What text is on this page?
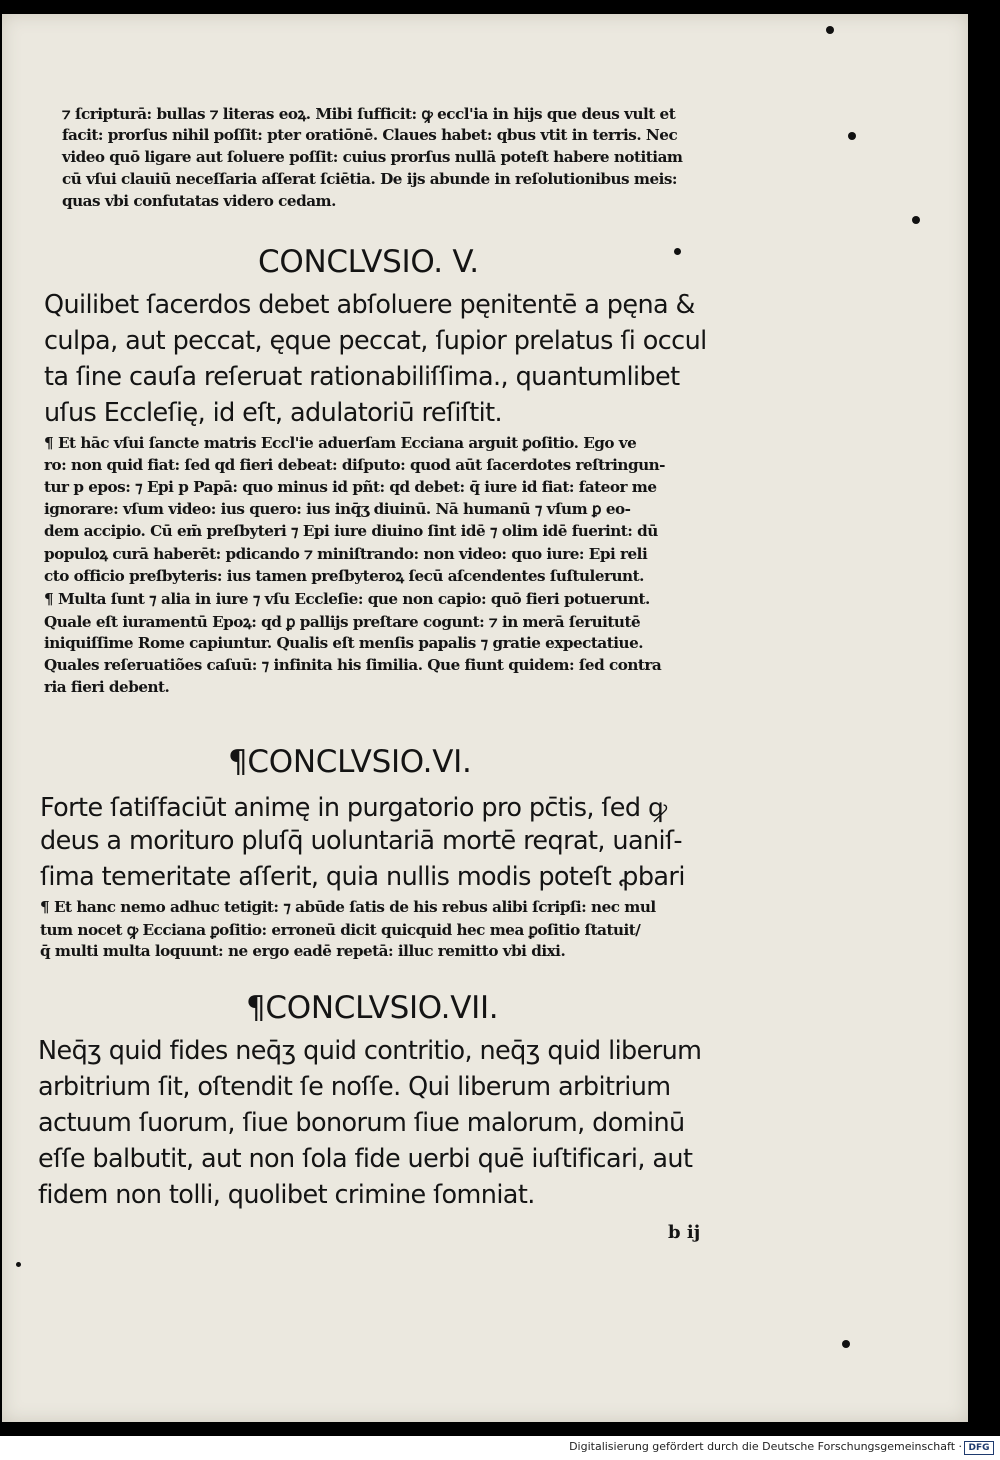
⁊ ſcripturā: bullas ⁊ literas eoꝝ. Mibi ſufficit: ꝙ eccl'ia in hijs que deus vult et
facit: prorſus nihil poſſit: pter oratiōnē. Claues habet: qbus vtit in terris. Nec
video quō ligare aut ſoluere poſſit: cuius prorſus nullā poteſt habere notitiam
cū vſui clauiū neceſſaria aſſerat ſciētia. De ijs abunde in reſolutionibus meis:
quas vbi confutatas videro cedam.
CONCLVSIO. V.
Quilibet ſacerdos debet abſoluere pęnitentē a pęna &
culpa, aut peccat, ęque peccat, ſupior prelatus ſi occul
ta ſine cauſa reſeruat rationabiliſſima., quantumlibet
uſus Eccleſię, id eſt, adulatoriū reſiſtit.
¶ Et hāc vſui ſancte matris Eccl'ie aduerſam Ecciana arguit ꝑoſitio. Ego ve
ro: non quid fiat: ſed qd fieri debeat: diſputo: quod aūt ſacerdotes reſtringun-
tur p epos: ⁊ Epi p Papā: quo minus id pñt: qd debet: q̄ iure id fiat: fateor me
ignorare: vſum video: ius quero: ius inq̄ʒ diuinū. Nā humanū ⁊ vſum ꝑ eo-
dem accipio. Cū em̄ preſbyteri ⁊ Epi iure diuino ſint idē ⁊ olim idē fuerint: dū
populoꝝ curā haberēt: pdicando ⁊ miniſtrando: non video: quo iure: Epi reli
cto officio preſbyteris: ius tamen preſbyteroꝝ ſecū aſcendentes ſuſtulerunt.
¶ Multa ſunt ⁊ alia in iure ⁊ vſu Eccleſie: que non capio: quō fieri potuerunt.
Quale eſt iuramentū Epoꝝ: qd ꝑ pallijs preſtare cogunt: ⁊ in merā ſeruitutē
iniquiſſime Rome capiuntur. Qualis eſt menſis papalis ⁊ gratie expectatiue.
Quales reſeruatiões caſuū: ⁊ infinita his ſimilia. Que fiunt quidem: ſed contra
ria fieri debent.
¶CONCLVSIO.VI.
Forte ſatiſfaciūt animę in purgatorio pro pc̄tis, ſed ꝙ
deus a morituro pluſq̄ uoluntariā mortē reqrat, uaniſ-
ſima temeritate aſſerit, quia nullis modis poteſt ꝓbari
¶ Et hanc nemo adhuc tetigit: ⁊ abūde ſatis de his rebus alibi ſcripſi: nec mul
tum nocet ꝙ Ecciana ꝑoſitio: erroneū dicit quicquid hec mea ꝑoſitio ſtatuit/
q̄ multi multa loquunt: ne ergo eadē repetā: illuc remitto vbi dixi.
¶CONCLVSIO.VII.
Neq̄ʒ quid fides neq̄ʒ quid contritio, neq̄ʒ quid liberum
arbitrium ſit, oſtendit ſe noſſe. Qui liberum arbitrium
actuum ſuorum, ſiue bonorum ſiue malorum, dominū
eſſe balbutit, aut non ſola fide uerbi quē iuſtificari, aut
fidem non tolli, quolibet crimine ſomniat.
b ij
Digitalisierung gefördert durch die Deutsche Forschungsgemeinschaft · DFG
